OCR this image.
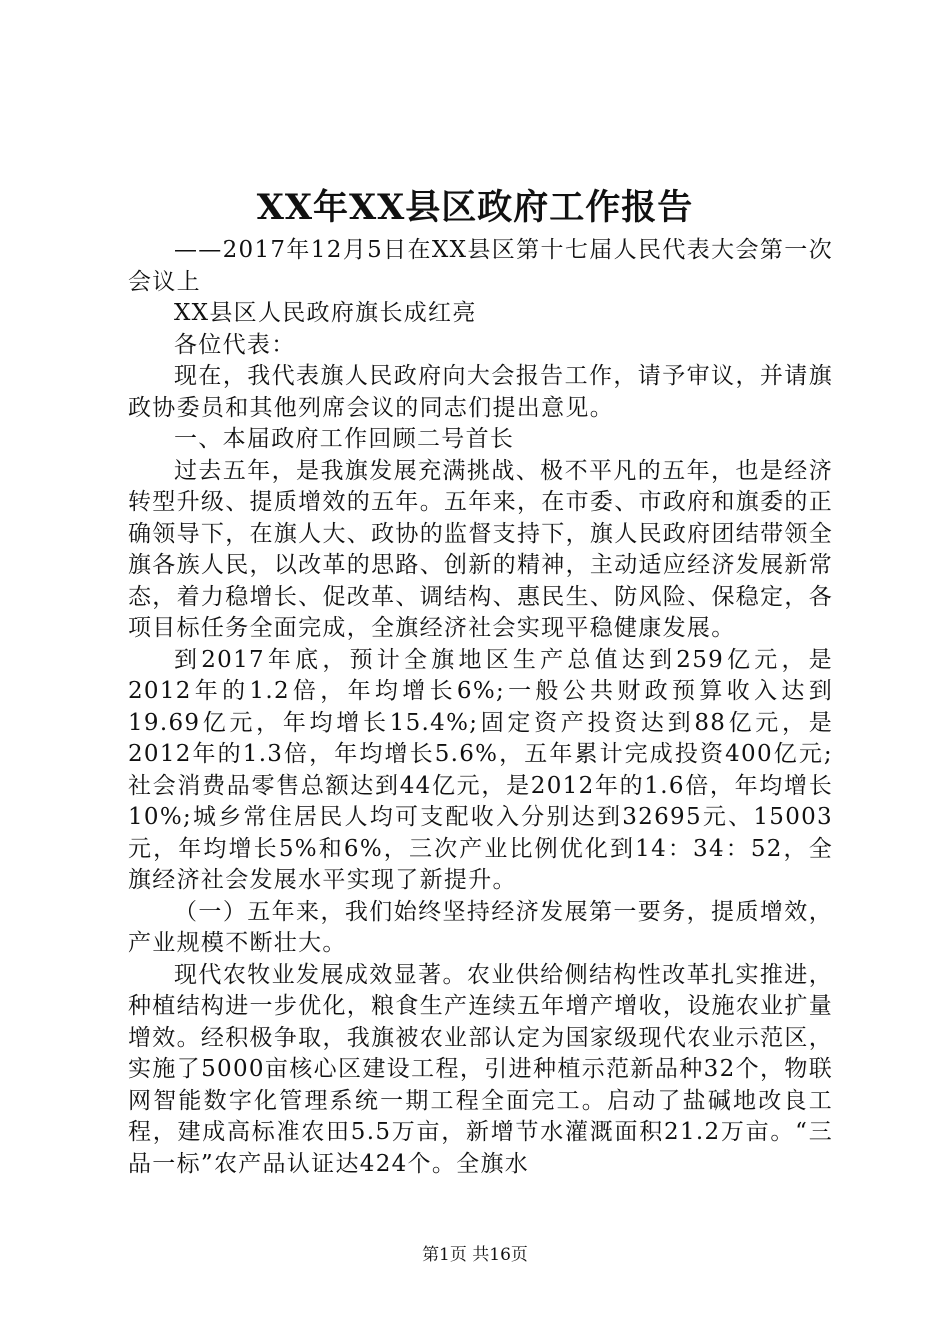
XX年XX县区政府工作报告

——2017年12月5日在XX县区第十七届人民代表大会第一次会议上

XX县区人民政府旗长成红亮

各位代表：

现在，我代表旗人民政府向大会报告工作，请予审议，并请旗政协委员和其他列席会议的同志们提出意见。

一、本届政府工作回顾二号首长

过去五年，是我旗发展充满挑战、极不平凡的五年，也是经济转型升级、提质增效的五年。五年来，在市委、市政府和旗委的正确领导下，在旗人大、政协的监督支持下，旗人民政府团结带领全旗各族人民，以改革的思路、创新的精神，主动适应经济发展新常态，着力稳增长、促改革、调结构、惠民生、防风险、保稳定，各项目标任务全面完成，全旗经济社会实现平稳健康发展。

到2017年底，预计全旗地区生产总值达到259亿元，是2012年的1.2倍，年均增长6%;一般公共财政预算收入达到19.69亿元，年均增长15.4%;固定资产投资达到88亿元，是2012年的1.3倍，年均增长5.6%，五年累计完成投资400亿元;社会消费品零售总额达到44亿元，是2012年的1.6倍，年均增长10%;城乡常住居民人均可支配收入分别达到32695元、15003元，年均增长5%和6%，三次产业比例优化到14：34：52，全旗经济社会发展水平实现了新提升。

（一）五年来，我们始终坚持经济发展第一要务，提质增效，产业规模不断壮大。

现代农牧业发展成效显著。农业供给侧结构性改革扎实推进，种植结构进一步优化，粮食生产连续五年增产增收，设施农业扩量增效。经积极争取，我旗被农业部认定为国家级现代农业示范区，实施了5000亩核心区建设工程，引进种植示范新品种32个，物联网智能数字化管理系统一期工程全面完工。启动了盐碱地改良工程，建成高标准农田5.5万亩，新增节水灌溉面积21.2万亩。“三品一标”农产品认证达424个。全旗水

第1页 共16页
